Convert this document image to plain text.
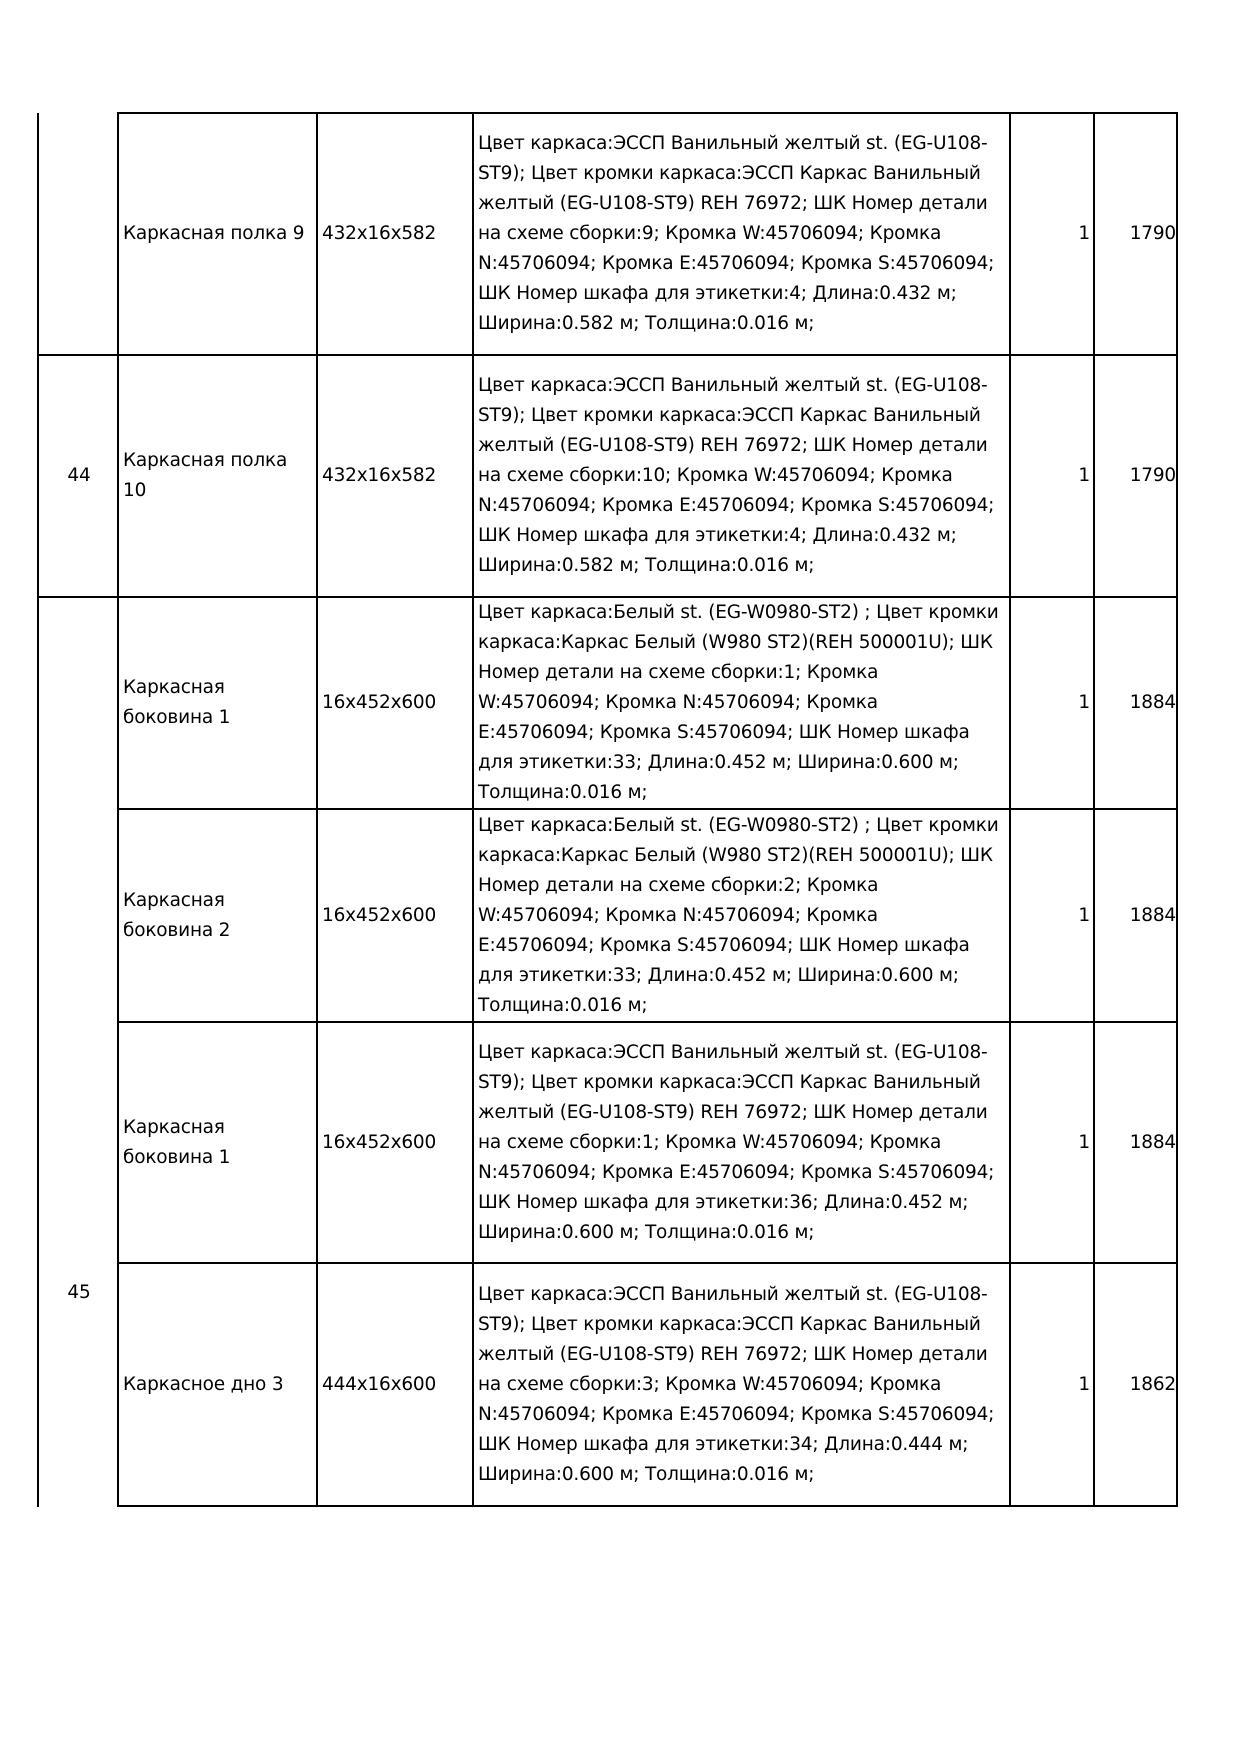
44
45
Каркасная полка 9 432x16x582
Цвет каркаса:ЭССП Ванильный желтый st. (EG-U108-
ST9); Цвет кромки каркаса:ЭССП Каркас Ванильный
желтый (EG-U108-ST9) REH 76972; ШК Номер детали
на схеме сборки:9; Кромка W:45706094; Кромка
N:45706094; Кромка E:45706094; Кромка S:45706094;
ШК Номер шкафа для этикетки:4; Длина:0.432 м;
Ширина:0.582 м; Толщина:0.016 м;
1 1790
Каркасная полка
10
432x16x582
Цвет каркаса:ЭССП Ванильный желтый st. (EG-U108-
ST9); Цвет кромки каркаса:ЭССП Каркас Ванильный
желтый (EG-U108-ST9) REH 76972; ШК Номер детали
на схеме сборки:10; Кромка W:45706094; Кромка
N:45706094; Кромка E:45706094; Кромка S:45706094;
ШК Номер шкафа для этикетки:4; Длина:0.432 м;
Ширина:0.582 м; Толщина:0.016 м;
1 1790
Каркасная
боковина 1
16x452x600
Цвет каркаса:Белый st. (EG-W0980-ST2) ; Цвет кромки
каркаса:Каркас Белый (W980 ST2)(REH 500001U); ШК
Номер детали на схеме сборки:1; Кромка
W:45706094; Кромка N:45706094; Кромка
E:45706094; Кромка S:45706094; ШК Номер шкафа
для этикетки:33; Длина:0.452 м; Ширина:0.600 м;
Толщина:0.016 м;
1 1884
Каркасная
боковина 2
16x452x600
Цвет каркаса:Белый st. (EG-W0980-ST2) ; Цвет кромки
каркаса:Каркас Белый (W980 ST2)(REH 500001U); ШК
Номер детали на схеме сборки:2; Кромка
W:45706094; Кромка N:45706094; Кромка
E:45706094; Кромка S:45706094; ШК Номер шкафа
для этикетки:33; Длина:0.452 м; Ширина:0.600 м;
Толщина:0.016 м;
1 1884
Каркасная
боковина 1
16x452x600
Цвет каркаса:ЭССП Ванильный желтый st. (EG-U108-
ST9); Цвет кромки каркаса:ЭССП Каркас Ванильный
желтый (EG-U108-ST9) REH 76972; ШК Номер детали
на схеме сборки:1; Кромка W:45706094; Кромка
N:45706094; Кромка E:45706094; Кромка S:45706094;
ШК Номер шкафа для этикетки:36; Длина:0.452 м;
Ширина:0.600 м; Толщина:0.016 м;
1 1884
Каркасное дно 3 444x16x600
Цвет каркаса:ЭССП Ванильный желтый st. (EG-U108-
ST9); Цвет кромки каркаса:ЭССП Каркас Ванильный
желтый (EG-U108-ST9) REH 76972; ШК Номер детали
на схеме сборки:3; Кромка W:45706094; Кромка
N:45706094; Кромка E:45706094; Кромка S:45706094;
ШК Номер шкафа для этикетки:34; Длина:0.444 м;
Ширина:0.600 м; Толщина:0.016 м;
1 1862
